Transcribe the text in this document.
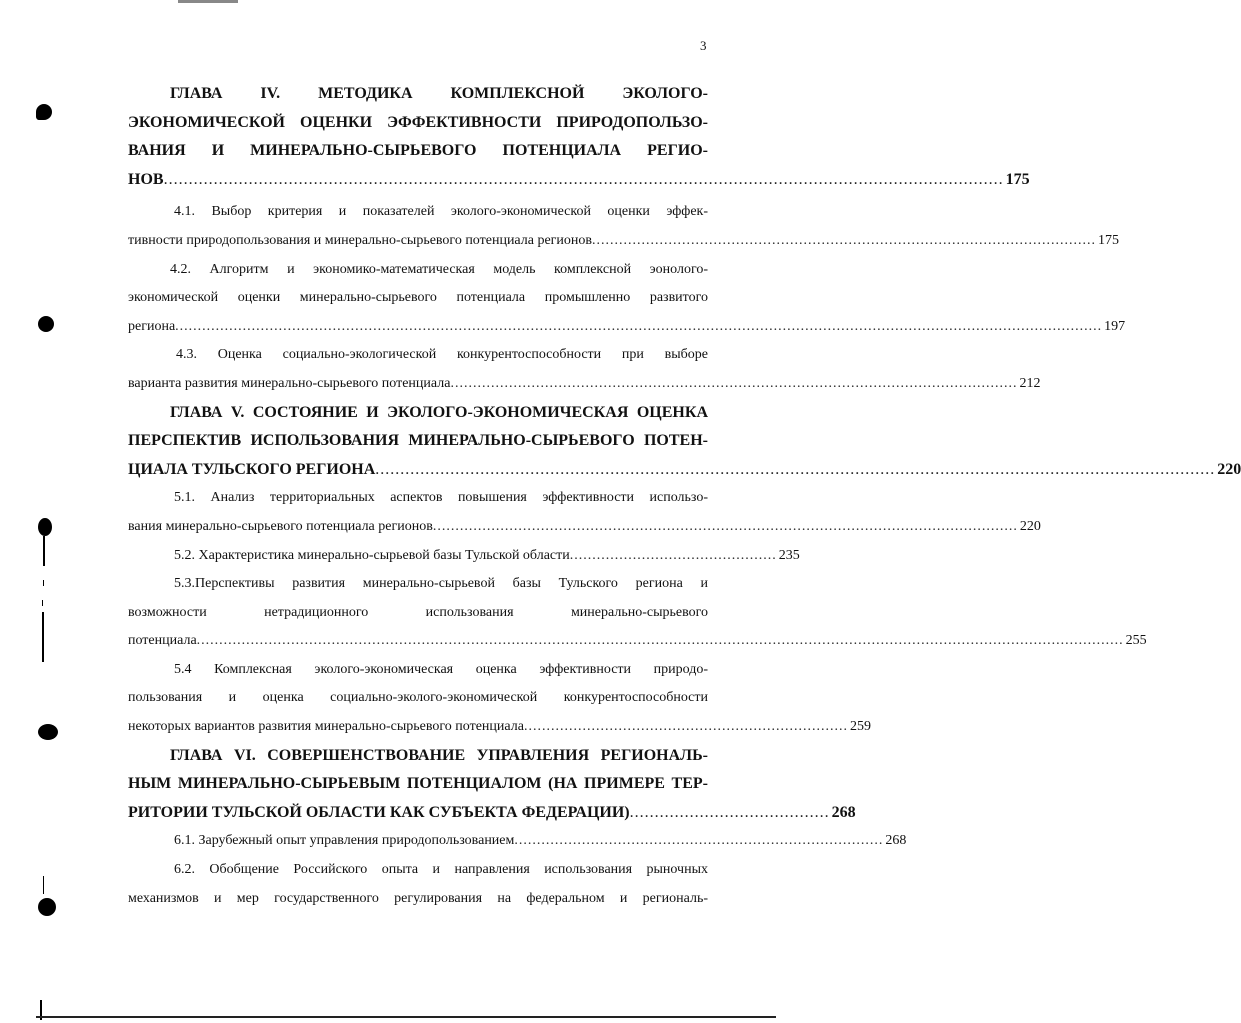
3
ГЛАВА IV. МЕТОДИКА КОМПЛЕКСНОЙ ЭКОЛОГО-
ЭКОНОМИЧЕСКОЙ ОЦЕНКИ ЭФФЕКТИВНОСТИ ПРИРОДОПОЛЬЗО-
ВАНИЯ И МИНЕРАЛЬНО-СЫРЬЕВОГО ПОТЕНЦИАЛА РЕГИО-
НОВ ........................................................................................................................................................................ 175
4.1. Выбор критерия и показателей эколого-экономической оценки эффек-
тивности природопользования и минерально-сырьевого потенциала регионов ................................................................................................................ 175
4.2. Алгоритм и экономико-математическая модель комплексной эонолого-
экономической оценки минерально-сырьевого потенциала промышленно развитого
региона .............................................................................................................................................................................................................. 197
4.3. Оценка социально-экологической конкурентоспособности при выборе
варианта развития минерально-сырьевого потенциала .............................................................................................................................. 212
ГЛАВА V. СОСТОЯНИЕ И ЭКОЛОГО-ЭКОНОМИЧЕСКАЯ ОЦЕНКА
ПЕРСПЕКТИВ ИСПОЛЬЗОВАНИЯ МИНЕРАЛЬНО-СЫРЬЕВОГО ПОТЕН-
ЦИАЛА ТУЛЬСКОГО РЕГИОНА ........................................................................................................................................................................ 220
5.1. Анализ территориальных аспектов повышения эффективности использо-
вания минерально-сырьевого потенциала регионов .................................................................................................................................. 220
5.2. Характеристика минерально-сырьевой базы Тульской области .............................................. 235
5.3.Перспективы развития минерально-сырьевой базы Тульского региона и
возможности нетрадиционного использования минерально-сырьевого
потенциала .............................................................................................................................................................................................................. 255
5.4 Комплексная эколого-экономическая оценка эффективности природо-
пользования и оценка социально-эколого-экономической конкурентоспособности
некоторых вариантов развития минерально-сырьевого потенциала ........................................................................ 259
ГЛАВА VI. СОВЕРШЕНСТВОВАНИЕ УПРАВЛЕНИЯ РЕГИОНАЛЬ-
НЫМ МИНЕРАЛЬНО-СЫРЬЕВЫМ ПОТЕНЦИАЛОМ (НА ПРИМЕРЕ ТЕР-
РИТОРИИ ТУЛЬСКОЙ ОБЛАСТИ КАК СУБЪЕКТА ФЕДЕРАЦИИ) ........................................ 268
6.1. Зарубежный опыт управления природопользованием .................................................................................. 268
6.2. Обобщение Российского опыта и направления использования рыночных
механизмов и мер государственного регулирования на федеральном и региональ-
